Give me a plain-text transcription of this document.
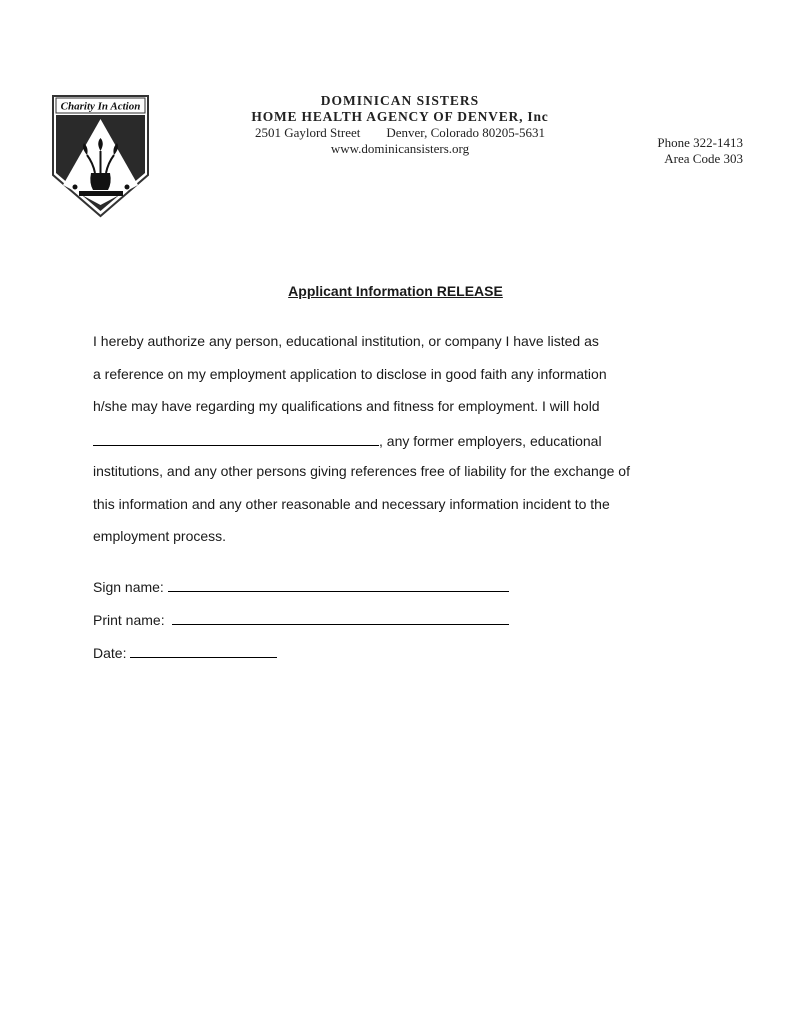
Charity In Action	DOMINICAN SISTERS
HOME HEALTH AGENCY OF DENVER, Inc
2501 Gaylord Street Denver, Colorado 80205-5631
www.dominicansisters.org	Phone 322-1413
Area Code 303
Applicant Information RELEASE
I hereby authorize any person, educational institution, or company I have listed as
a reference on my employment application to disclose in good faith any information
h/she may have regarding my qualifications and fitness for employment. I will hold
, any former employers, educational
institutions, and any other persons giving references free of liability for the exchange of
this information and any other reasonable and necessary information incident to the
employment process.
Sign name:
Print name:
Date:
